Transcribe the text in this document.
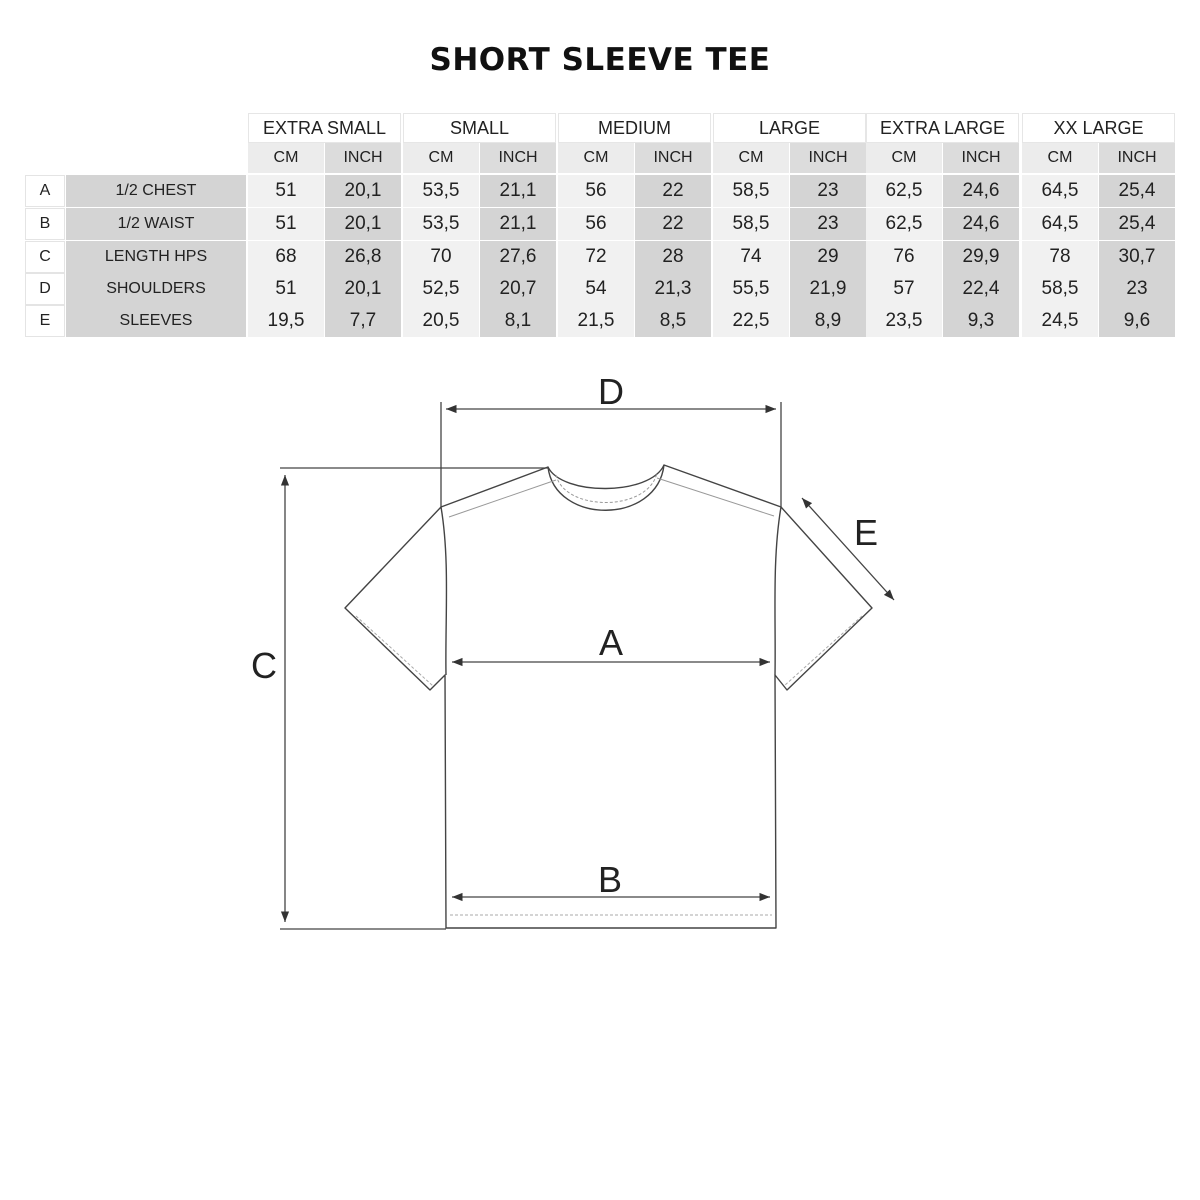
SHORT SLEEVE TEE
EXTRA SMALL
CM	INCH
SMALL
CM	INCH
MEDIUM
CM	INCH
LARGE
CM	INCH
EXTRA LARGE
CM	INCH
XX LARGE
CM	INCH
A	1/2 CHEST	51	20,1	53,5	21,1	56	22	58,5	23	62,5	24,6	64,5	25,4
B	1/2 WAIST	51	20,1	53,5	21,1	56	22	58,5	23	62,5	24,6	64,5	25,4
C	LENGTH HPS	68	26,8	70	27,6	72	28	74	29	76	29,9	78	30,7
D	SHOULDERS	51	20,1	52,5	20,7	54	21,3	55,5	21,9	57	22,4	58,5	23
E	SLEEVES	19,5	7,7	20,5	8,1	21,5	8,5	22,5	8,9	23,5	9,3	24,5	9,6
D
C
A
B
E
